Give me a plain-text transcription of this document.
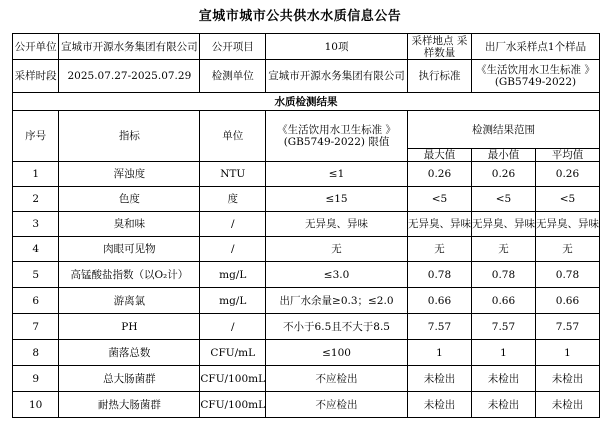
宣城市城市公共供水水质信息公告
公开单位	宣城市开源水务集团有限公司	公开项目	10项	采样地点 采样数量	出厂水采样点1个样品	
采样时段	2025.07.27-2025.07.29	检测单位	宣城市开源水务集团有限公司	执行标准	《生活饮用水卫生标准 》
(GB5749-2022)	
水质检测结果						
序号	指标	单位	《生活饮用水卫生标准 》
(GB5749-2022) 限值	检测结果范围		
				最大值	最小值	平均值
1	浑浊度	NTU	≤1	0.26	0.26	0.26
2	色度	度	≤15	<5	<5	<5
3	臭和味	/	无异臭、异味	无异臭、异味	无异臭、异味	无异臭、异味
4	肉眼可见物	/	无	无	无	无
5	高锰酸盐指数（以O₂计）	mg/L	≤3.0	0.78	0.78	0.78
6	游离氯	mg/L	出厂水余量≥0.3；≤2.0	0.66	0.66	0.66
7	PH	/	不小于6.5且不大于8.5	7.57	7.57	7.57
8	菌落总数	CFU/mL	≤100	1	1	1
9	总大肠菌群	CFU/100mL	不应检出	未检出	未检出	未检出
10	耐热大肠菌群	CFU/100mL	不应检出	未检出	未检出	未检出
